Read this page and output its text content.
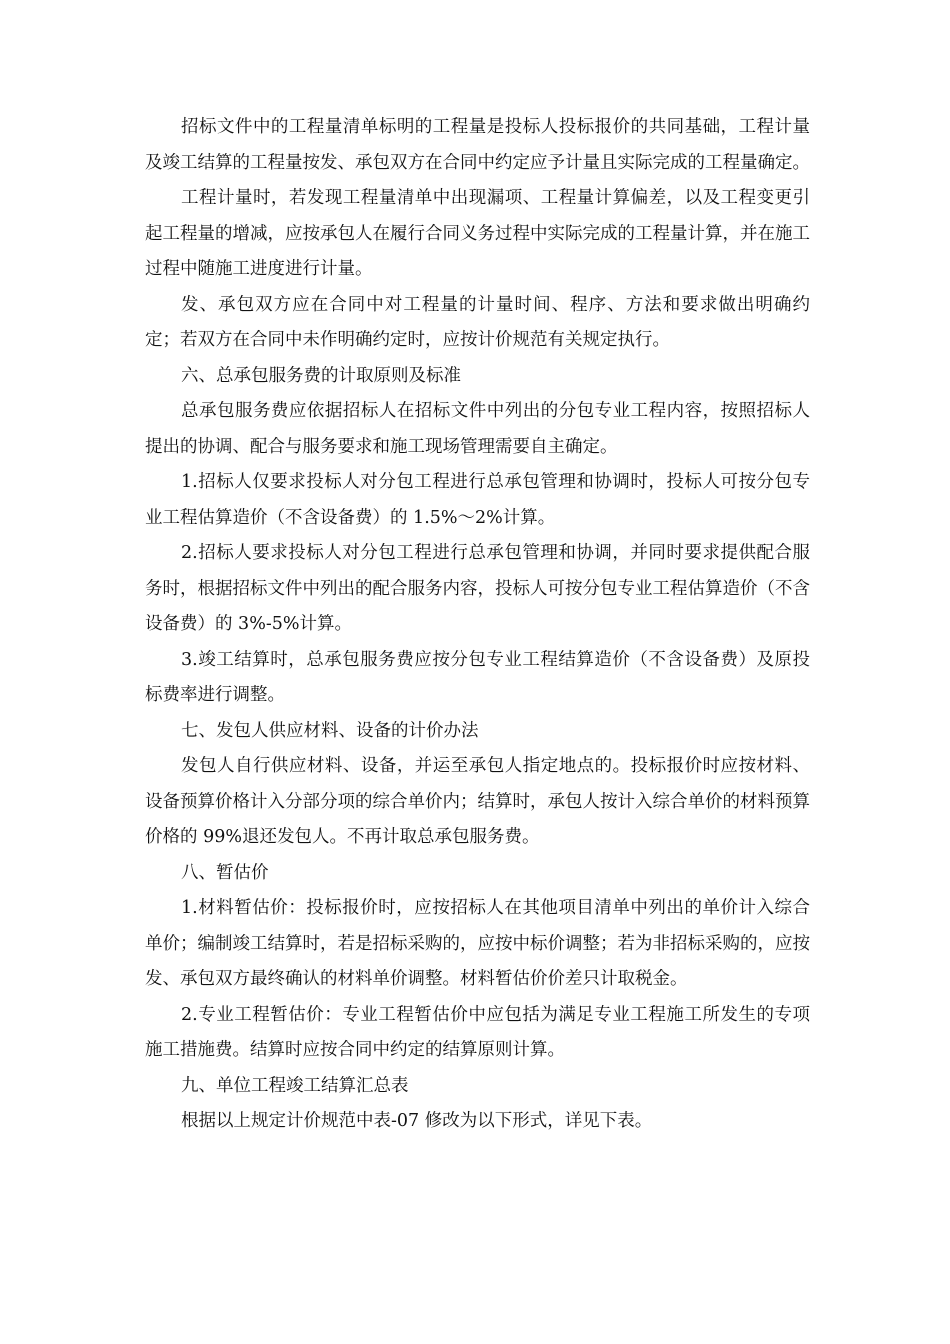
招标文件中的工程量清单标明的工程量是投标人投标报价的共同基础，工程计量及竣工结算的工程量按发、承包双方在合同中约定应予计量且实际完成的工程量确定。

工程计量时，若发现工程量清单中出现漏项、工程量计算偏差，以及工程变更引起工程量的增减，应按承包人在履行合同义务过程中实际完成的工程量计算，并在施工过程中随施工进度进行计量。

发、承包双方应在合同中对工程量的计量时间、程序、方法和要求做出明确约定；若双方在合同中未作明确约定时，应按计价规范有关规定执行。

六、总承包服务费的计取原则及标准

总承包服务费应依据招标人在招标文件中列出的分包专业工程内容，按照招标人提出的协调、配合与服务要求和施工现场管理需要自主确定。

1.招标人仅要求投标人对分包工程进行总承包管理和协调时，投标人可按分包专业工程估算造价（不含设备费）的 1.5%～2%计算。

2.招标人要求投标人对分包工程进行总承包管理和协调，并同时要求提供配合服务时，根据招标文件中列出的配合服务内容，投标人可按分包专业工程估算造价（不含设备费）的 3%-5%计算。

3.竣工结算时，总承包服务费应按分包专业工程结算造价（不含设备费）及原投标费率进行调整。

七、发包人供应材料、设备的计价办法

发包人自行供应材料、设备，并运至承包人指定地点的。投标报价时应按材料、设备预算价格计入分部分项的综合单价内；结算时，承包人按计入综合单价的材料预算价格的 99%退还发包人。不再计取总承包服务费。

八、暂估价

1.材料暂估价：投标报价时，应按招标人在其他项目清单中列出的单价计入综合单价；编制竣工结算时，若是招标采购的，应按中标价调整；若为非招标采购的，应按发、承包双方最终确认的材料单价调整。材料暂估价价差只计取税金。

2.专业工程暂估价：专业工程暂估价中应包括为满足专业工程施工所发生的专项施工措施费。结算时应按合同中约定的结算原则计算。

九、单位工程竣工结算汇总表

根据以上规定计价规范中表-07 修改为以下形式，详见下表。
